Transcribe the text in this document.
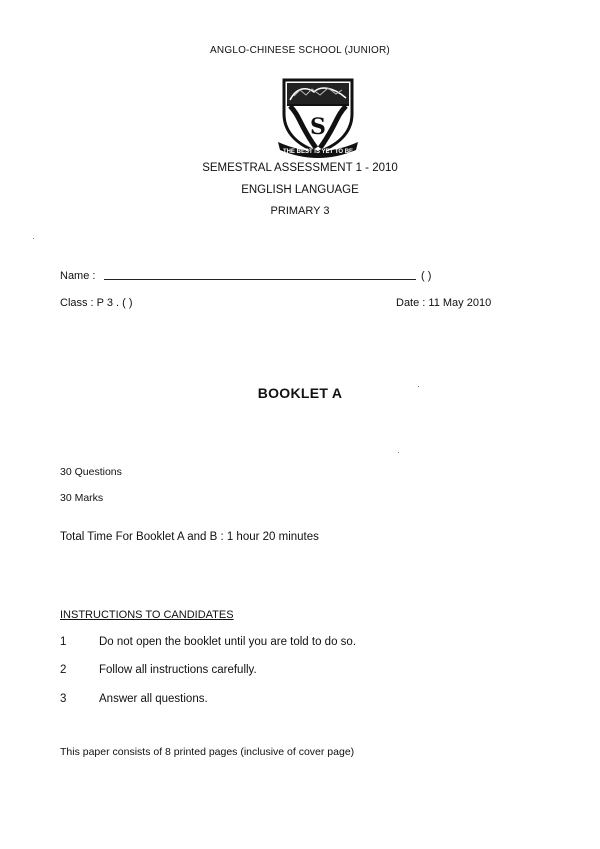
ANGLO-CHINESE SCHOOL (JUNIOR)
S
THE BEST IS YET TO BE
SEMESTRAL ASSESSMENT 1 - 2010
ENGLISH LANGUAGE
PRIMARY 3
Name :	( )
Class : P 3 . ( )	Date : 11 May 2010
BOOKLET A
30 Questions
30 Marks
Total Time For Booklet A and B : 1 hour 20 minutes
INSTRUCTIONS TO CANDIDATES
1	Do not open the booklet until you are told to do so.
2	Follow all instructions carefully.
3	Answer all questions.
This paper consists of 8 printed pages (inclusive of cover page)
